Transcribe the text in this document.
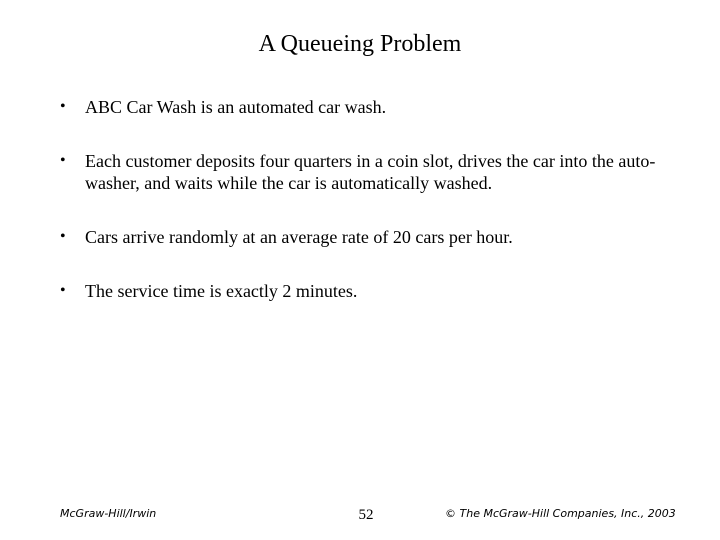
A Queueing Problem
• ABC Car Wash is an automated car wash.
• Each customer deposits four quarters in a coin slot, drives the car into the auto-washer, and waits while the car is automatically washed.
• Cars arrive randomly at an average rate of 20 cars per hour.
• The service time is exactly 2 minutes.
McGraw-Hill/Irwin	52	© The McGraw-Hill Companies, Inc., 2003
